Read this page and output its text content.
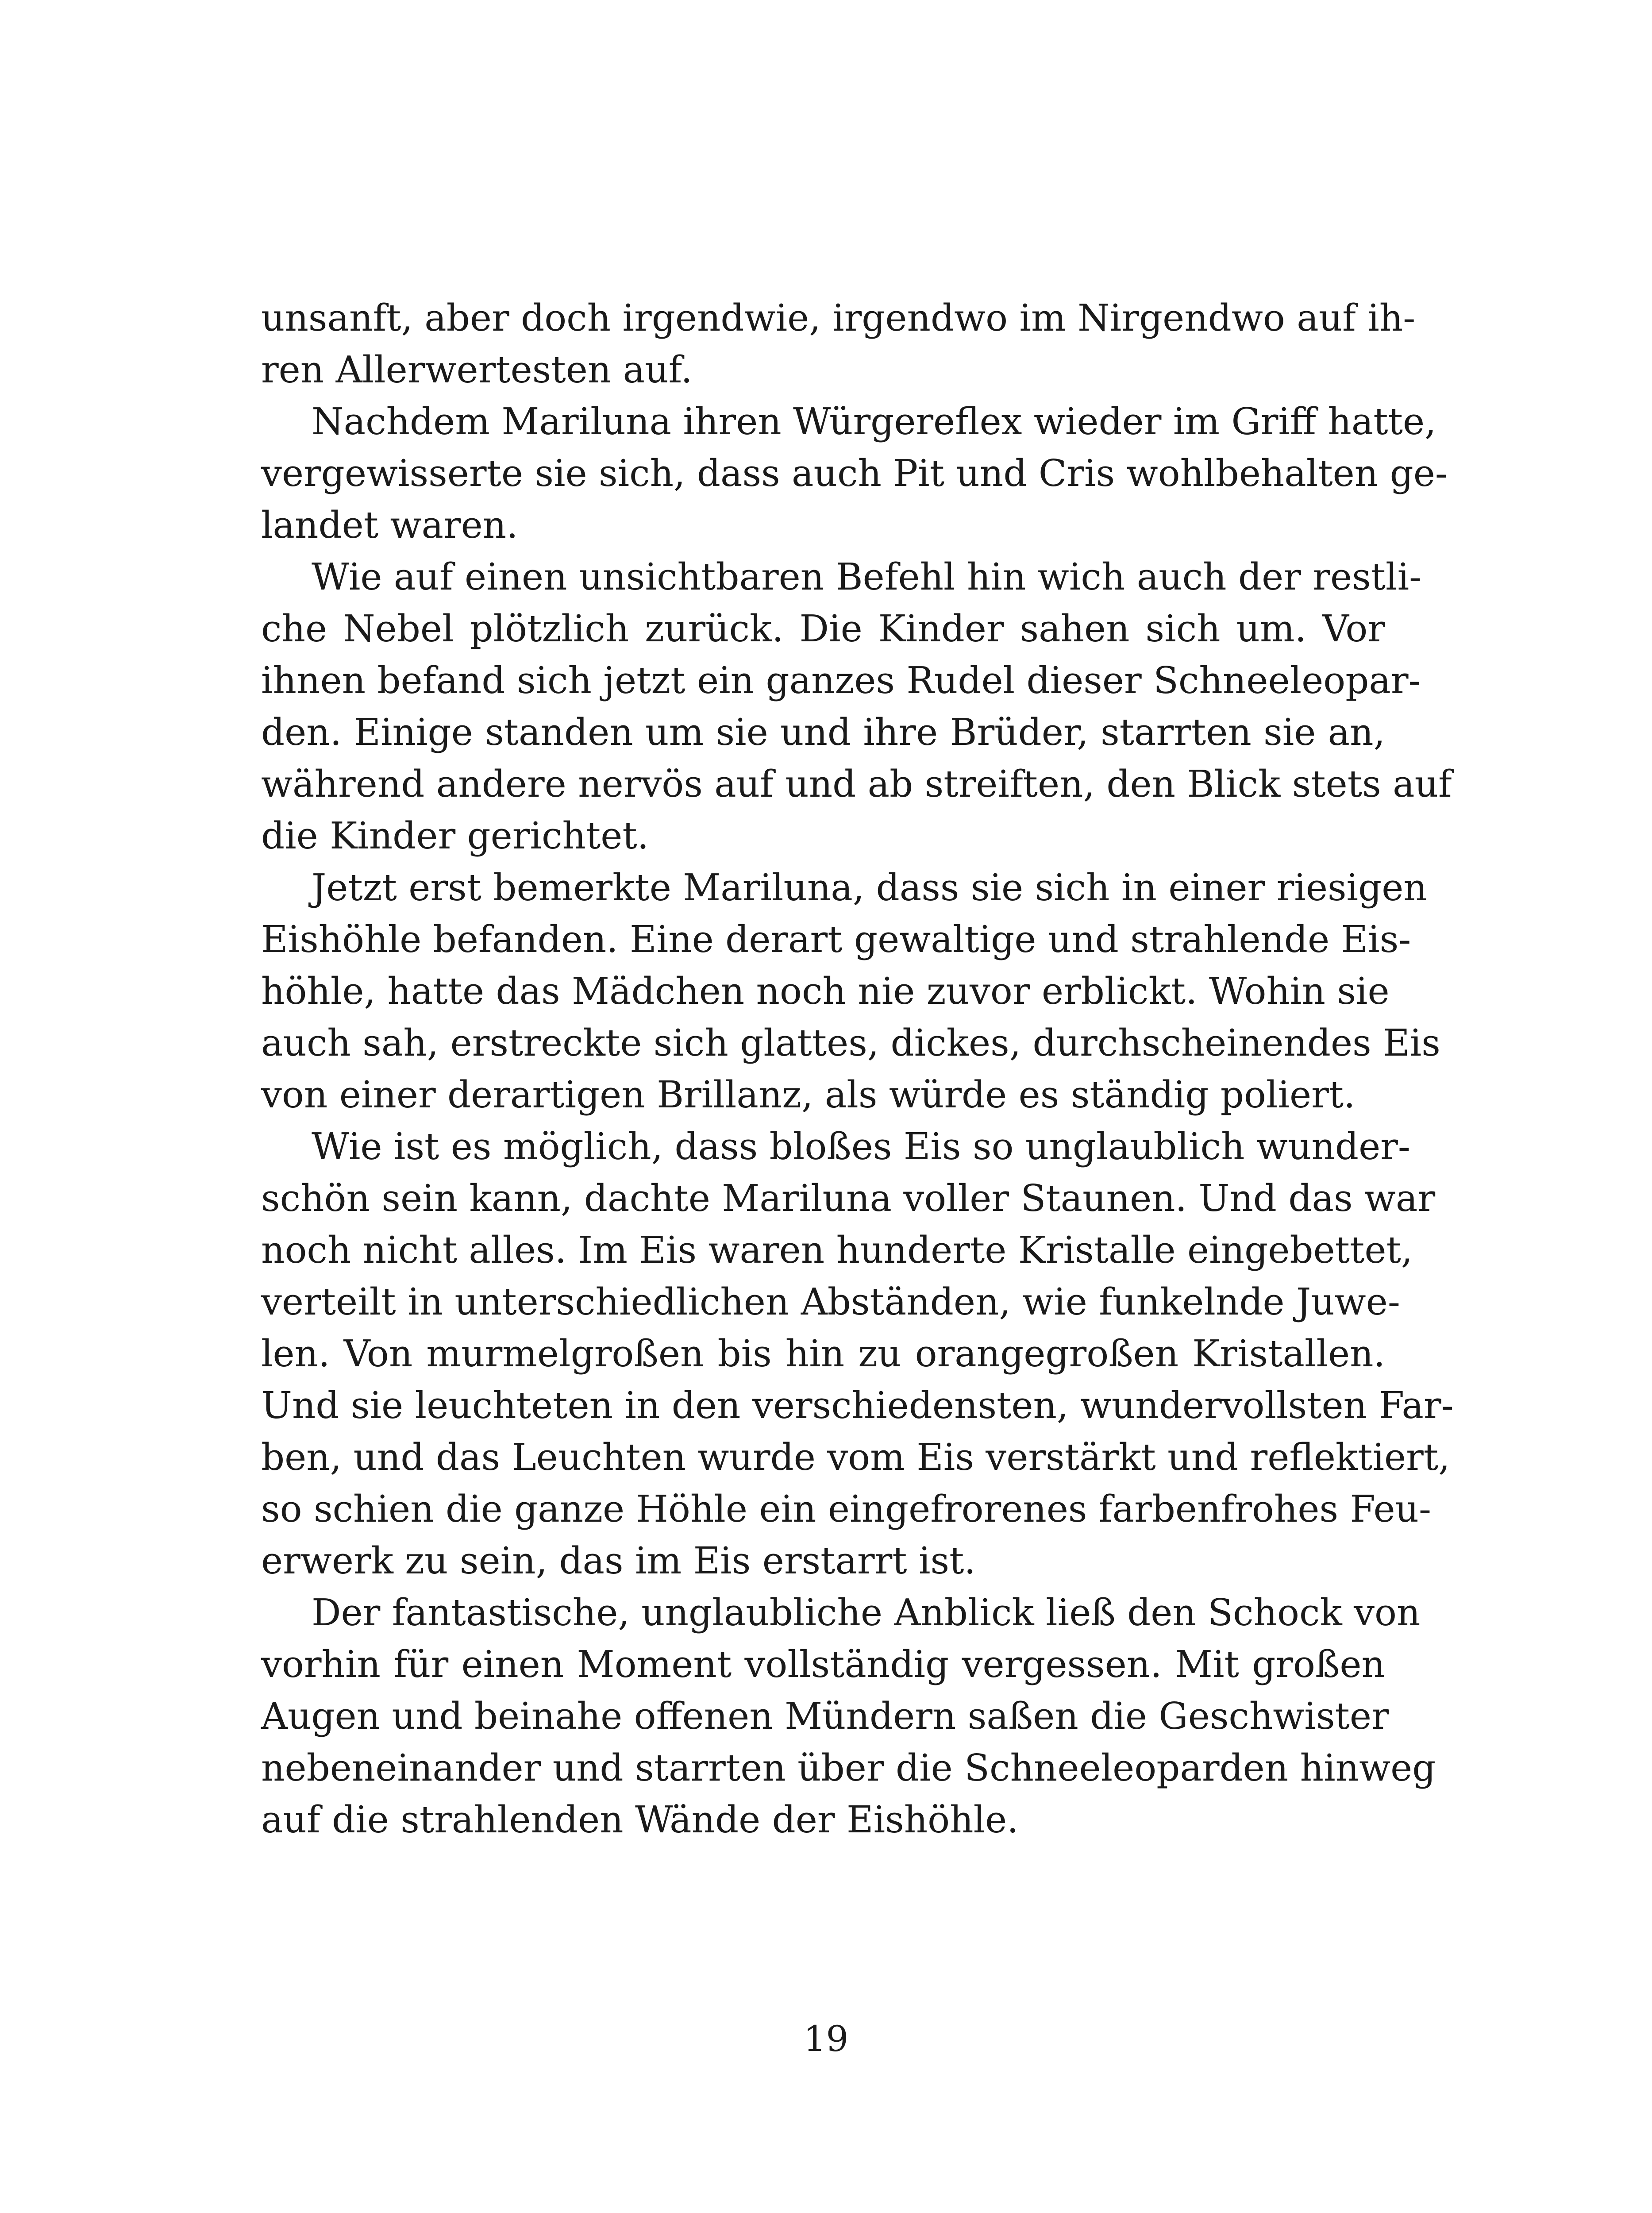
unsanft, aber doch irgendwie, irgendwo im Nirgendwo auf ih-
ren Allerwertesten auf.
Nachdem Mariluna ihren Würgereflex wieder im Griff hatte,
vergewisserte sie sich, dass auch Pit und Cris wohlbehalten ge-
landet waren.
Wie auf einen unsichtbaren Befehl hin wich auch der restli-
che Nebel plötzlich zurück. Die Kinder sahen sich um. Vor
ihnen befand sich jetzt ein ganzes Rudel dieser Schneeleopar-
den. Einige standen um sie und ihre Brüder, starrten sie an,
während andere nervös auf und ab streiften, den Blick stets auf
die Kinder gerichtet.
Jetzt erst bemerkte Mariluna, dass sie sich in einer riesigen
Eishöhle befanden. Eine derart gewaltige und strahlende Eis-
höhle, hatte das Mädchen noch nie zuvor erblickt. Wohin sie
auch sah, erstreckte sich glattes, dickes, durchscheinendes Eis
von einer derartigen Brillanz, als würde es ständig poliert.
Wie ist es möglich, dass bloßes Eis so unglaublich wunder-
schön sein kann, dachte Mariluna voller Staunen. Und das war
noch nicht alles. Im Eis waren hunderte Kristalle eingebettet,
verteilt in unterschiedlichen Abständen, wie funkelnde Juwe-
len. Von murmelgroßen bis hin zu orangegroßen Kristallen.
Und sie leuchteten in den verschiedensten, wundervollsten Far-
ben, und das Leuchten wurde vom Eis verstärkt und reflektiert,
so schien die ganze Höhle ein eingefrorenes farbenfrohes Feu-
erwerk zu sein, das im Eis erstarrt ist.
Der fantastische, unglaubliche Anblick ließ den Schock von
vorhin für einen Moment vollständig vergessen. Mit großen
Augen und beinahe offenen Mündern saßen die Geschwister
nebeneinander und starrten über die Schneeleoparden hinweg
auf die strahlenden Wände der Eishöhle.
19
